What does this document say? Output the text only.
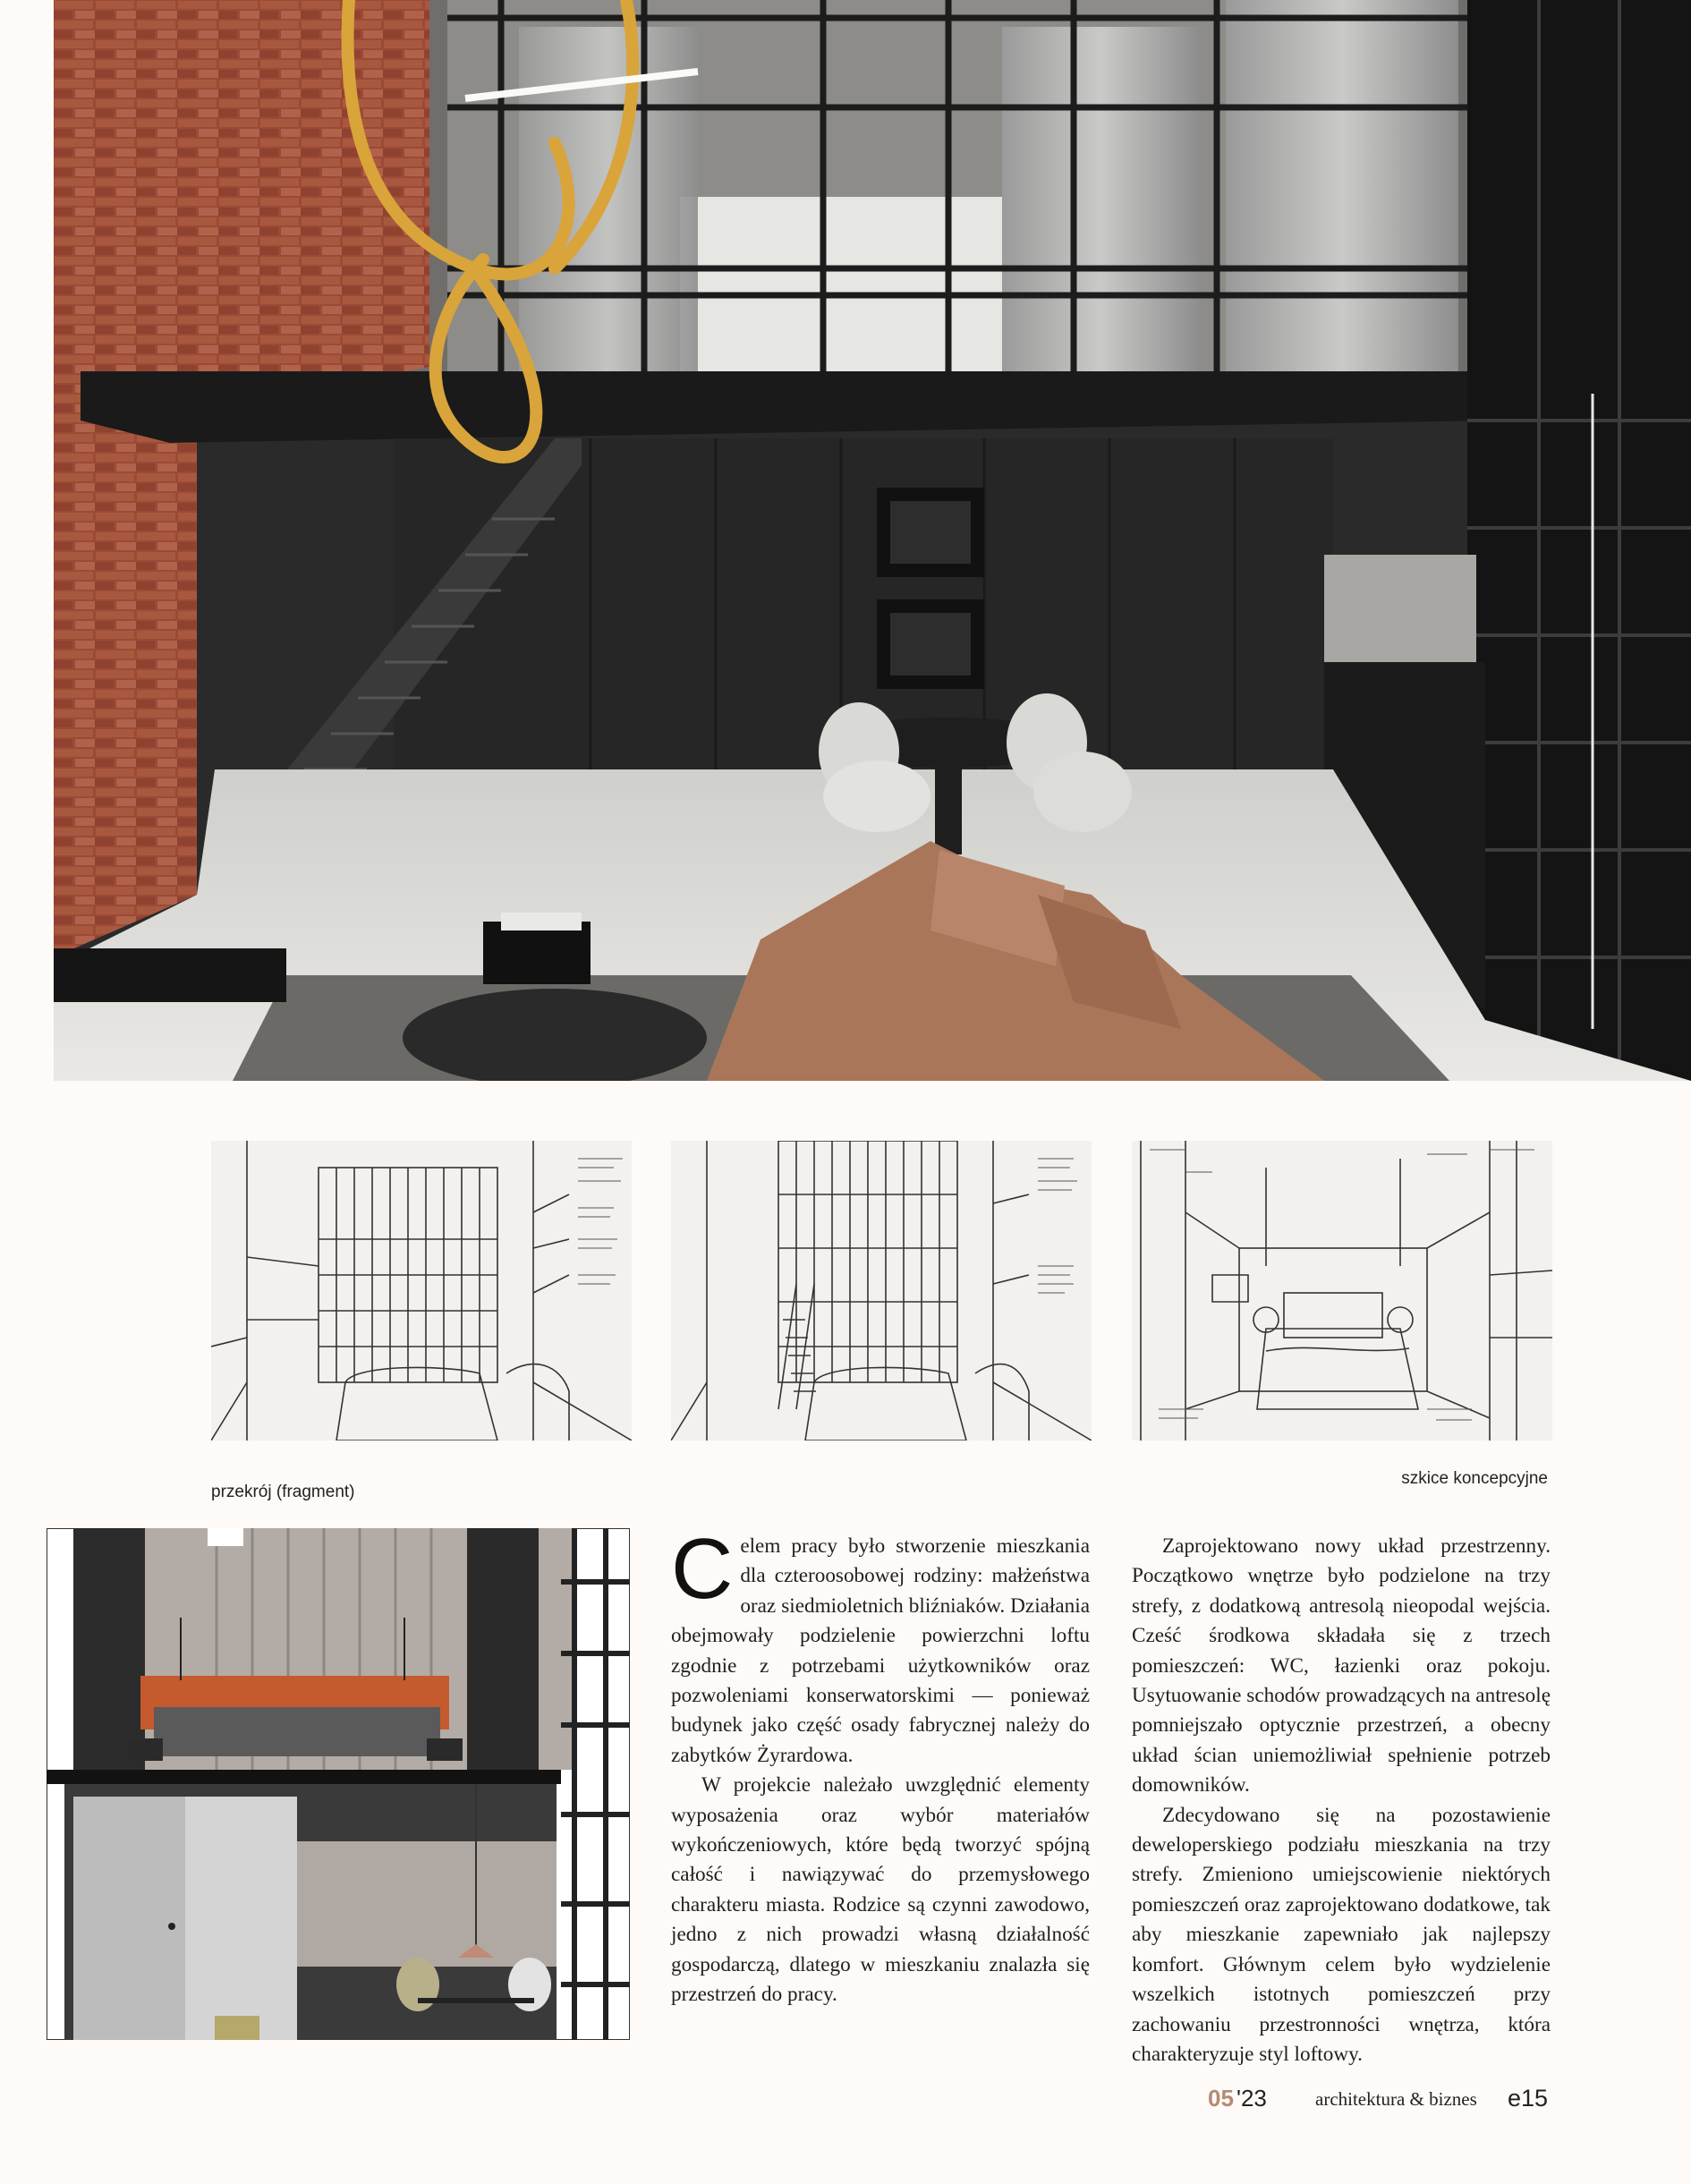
przekrój (fragment)
szkice koncepcyjne

Celem pracy było stworzenie mieszkania dla czteroosobowej rodziny: małżeństwa oraz siedmioletnich bliźniaków. Działania obejmowały podzielenie powierzchni loftu zgodnie z potrzebami użytkowników oraz pozwoleniami konserwatorskimi — ponieważ budynek jako część osady fabrycznej należy do zabytków Żyrardowa.

W projekcie należało uwzględnić elementy wyposażenia oraz wybór materiałów wykończeniowych, które będą tworzyć spójną całość i nawiązywać do przemysłowego charakteru miasta. Rodzice są czynni zawodowo, jedno z nich prowadzi własną działalność gospodarczą, dlatego w mieszkaniu znalazła się przestrzeń do pracy.

Zaprojektowano nowy układ przestrzenny. Początkowo wnętrze było podzielone na trzy strefy, z dodatkową antresolą nieopodal wejścia. Cześć środkowa składała się z trzech pomieszczeń: WC, łazienki oraz pokoju. Usytuowanie schodów prowadzących na antresolę pomniejszało optycznie przestrzeń, a obecny układ ścian uniemożliwiał spełnienie potrzeb domowników.

Zdecydowano się na pozostawienie deweloperskiego podziału mieszkania na trzy strefy. Zmieniono umiejscowienie niektórych pomieszczeń oraz zaprojektowano dodatkowe, tak aby mieszkanie zapewniało jak najlepszy komfort. Głównym celem było wydzielenie wszelkich istotnych pomieszczeń przy zachowaniu przestronności wnętrza, która charakteryzuje styl loftowy.

05 '23	architektura & biznes e15
